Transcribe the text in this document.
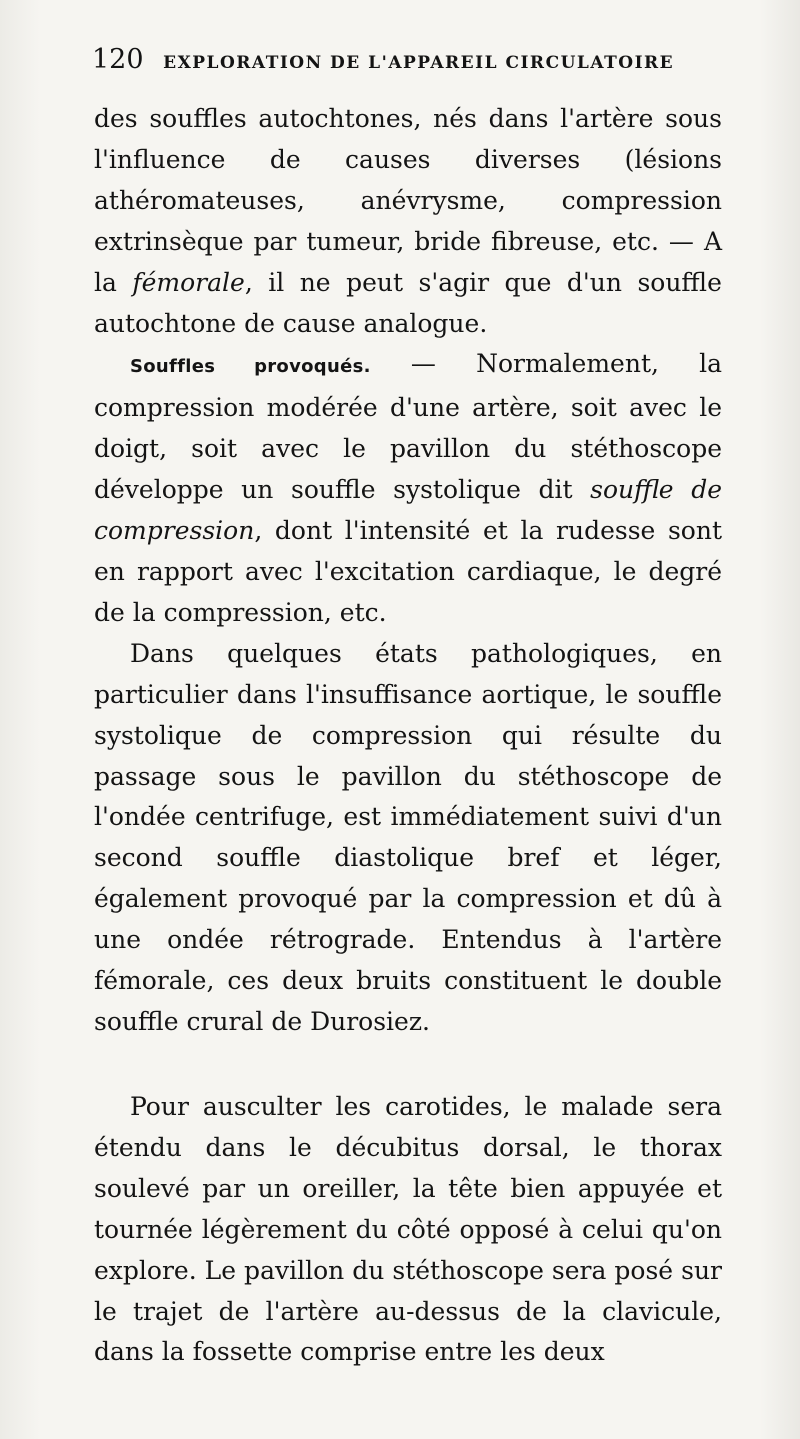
120 EXPLORATION DE L'APPAREIL CIRCULATOIRE

des souffles autochtones, nés dans l'artère sous l'influence de causes diverses (lésions athéromateuses, anévrysme, compression extrinsèque par tumeur, bride fibreuse, etc. — A la fémorale, il ne peut s'agir que d'un souffle autochtone de cause analogue.

Souffles provoqués. — Normalement, la compression modérée d'une artère, soit avec le doigt, soit avec le pavillon du stéthoscope développe un souffle systolique dit souffle de compression, dont l'intensité et la rudesse sont en rapport avec l'excitation cardiaque, le degré de la compression, etc.

Dans quelques états pathologiques, en particulier dans l'insuffisance aortique, le souffle systolique de compression qui résulte du passage sous le pavillon du stéthoscope de l'ondée centrifuge, est immédiatement suivi d'un second souffle diastolique bref et léger, également provoqué par la compression et dû à une ondée rétrograde. Entendus à l'artère fémorale, ces deux bruits constituent le double souffle crural de Durosiez.

Pour ausculter les carotides, le malade sera étendu dans le décubitus dorsal, le thorax soulevé par un oreiller, la tête bien appuyée et tournée légèrement du côté opposé à celui qu'on explore. Le pavillon du stéthoscope sera posé sur le trajet de l'artère au-dessus de la clavicule, dans la fossette comprise entre les deux
